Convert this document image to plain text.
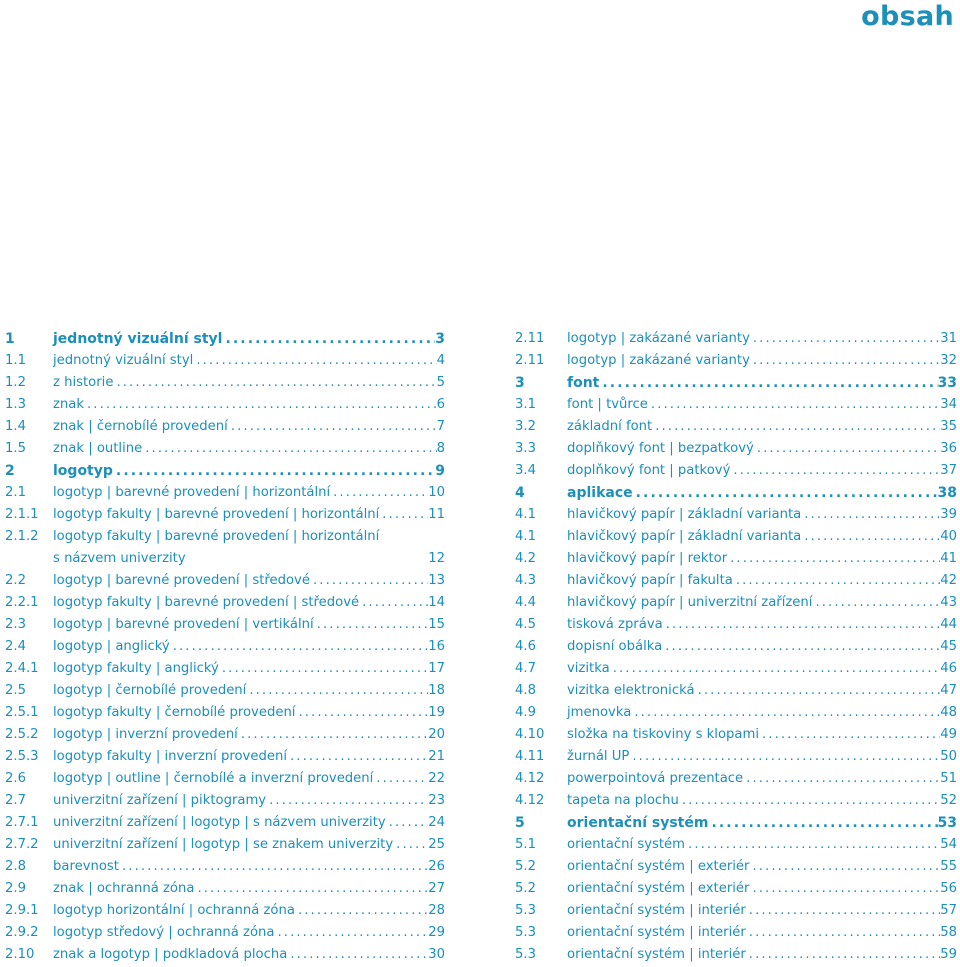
obsah
1	jednotný vizuální styl .....	3
1.1	jednotný vizuální styl .....	4
1.2	z historie .....	5
1.3	znak .....	6
1.4	znak | černobílé provedení .....	7
1.5	znak | outline .....	8
2	logotyp .....	9
2.1	logotyp | barevné provedení | horizontální .....	10
2.1.1	logotyp fakulty | barevné provedení | horizontální .....	11
2.1.2	logotyp fakulty | barevné provedení | horizontální
s názvem univerzity	12
2.2	logotyp | barevné provedení | středové .....	13
2.2.1	logotyp fakulty | barevné provedení | středové .....	14
2.3	logotyp | barevné provedení | vertikální .....	15
2.4	logotyp | anglický .....	16
2.4.1	logotyp fakulty | anglický .....	17
2.5	logotyp | černobílé provedení .....	18
2.5.1	logotyp fakulty | černobílé provedení .....	19
2.5.2	logotyp | inverzní provedení .....	20
2.5.3	logotyp fakulty | inverzní provedení .....	21
2.6	logotyp | outline | černobílé a inverzní provedení .....	22
2.7	univerzitní zařízení | piktogramy .....	23
2.7.1	univerzitní zařízení | logotyp | s názvem univerzity .....	24
2.7.2	univerzitní zařízení | logotyp | se znakem univerzity .....	25
2.8	barevnost .....	26
2.9	znak | ochranná zóna .....	27
2.9.1	logotyp horizontální | ochranná zóna .....	28
2.9.2	logotyp středový | ochranná zóna .....	29
2.10	znak a logotyp | podkladová plocha .....	30
2.11	logotyp | zakázané varianty .....	31
2.11	logotyp | zakázané varianty .....	32
3	font .....	33
3.1	font | tvůrce .....	34
3.2	základní font .....	35
3.3	doplňkový font | bezpatkový .....	36
3.4	doplňkový font | patkový .....	37
4	aplikace .....	38
4.1	hlavičkový papír | základní varianta .....	39
4.1	hlavičkový papír | základní varianta .....	40
4.2	hlavičkový papír | rektor .....	41
4.3	hlavičkový papír | fakulta .....	42
4.4	hlavičkový papír | univerzitní zařízení .....	43
4.5	tisková zpráva .....	44
4.6	dopisní obálka .....	45
4.7	vizitka .....	46
4.8	vizitka elektronická .....	47
4.9	jmenovka .....	48
4.10	složka na tiskoviny s klopami .....	49
4.11	žurnál UP .....	50
4.12	powerpointová prezentace .....	51
4.12	tapeta na plochu .....	52
5	orientační systém .....	53
5.1	orientační systém .....	54
5.2	orientační systém | exteriér .....	55
5.2	orientační systém | exteriér .....	56
5.3	orientační systém | interiér .....	57
5.3	orientační systém | interiér .....	58
5.3	orientační systém | interiér .....	59
